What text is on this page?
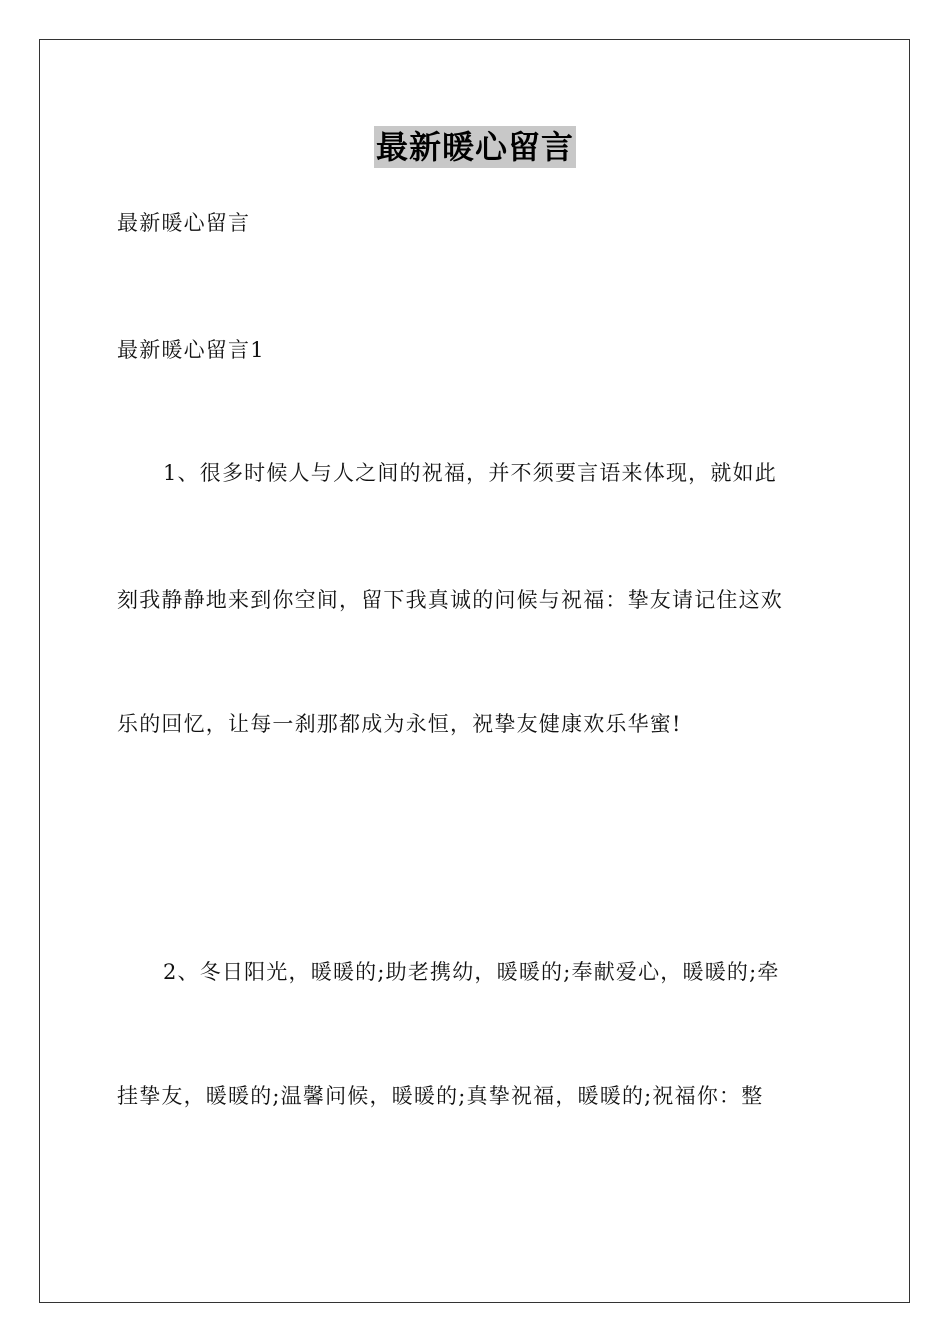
最新暖心留言
最新暖心留言
最新暖心留言1
1、很多时候人与人之间的祝福，并不须要言语来体现，就如此
刻我静静地来到你空间，留下我真诚的问候与祝福：挚友请记住这欢
乐的回忆，让每一刹那都成为永恒，祝挚友健康欢乐华蜜!
2、冬日阳光，暖暖的;助老携幼，暖暖的;奉献爱心，暖暖的;牵
挂挚友，暖暖的;温馨问候，暖暖的;真挚祝福，暖暖的;祝福你：整
